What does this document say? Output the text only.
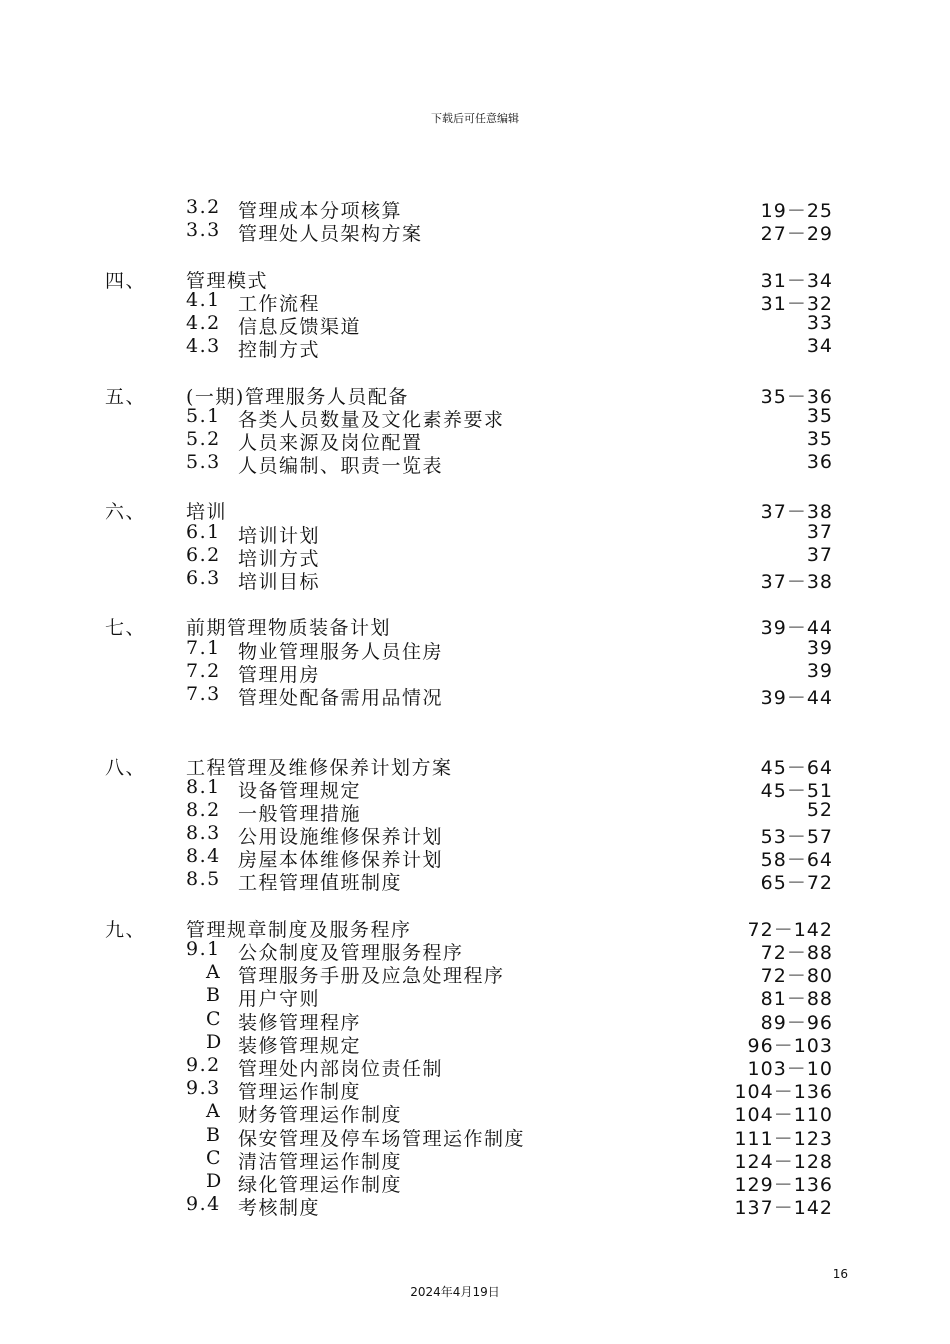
下载后可任意编辑
3.2 管理成本分项核算	19－25
3.3 管理处人员架构方案	27－29
四、 管理模式	31－34
4.1 工作流程	31－32
4.2 信息反馈渠道	33
4.3 控制方式	34
五、 (一期)管理服务人员配备	35－36
5.1 各类人员数量及文化素养要求	35
5.2 人员来源及岗位配置	35
5.3 人员编制、职责一览表	36
六、 培训	37－38
6.1 培训计划	37
6.2 培训方式	37
6.3 培训目标	37－38
七、 前期管理物质装备计划	39－44
7.1 物业管理服务人员住房	39
7.2 管理用房	39
7.3 管理处配备需用品情况	39－44
八、 工程管理及维修保养计划方案	45－64
8.1 设备管理规定	45－51
8.2 一般管理措施	52
8.3 公用设施维修保养计划	53－57
8.4 房屋本体维修保养计划	58－64
8.5 工程管理值班制度	65－72
九、 管理规章制度及服务程序	72－142
9.1 公众制度及管理服务程序	72－88
A 管理服务手册及应急处理程序	72－80
B 用户守则	81－88
C 装修管理程序	89－96
D 装修管理规定	96－103
9.2 管理处内部岗位责任制	103－10
9.3 管理运作制度	104－136
A 财务管理运作制度	104－110
B 保安管理及停车场管理运作制度	111－123
C 清洁管理运作制度	124－128
D 绿化管理运作制度	129－136
9.4 考核制度	137－142
16
2024年4月19日
